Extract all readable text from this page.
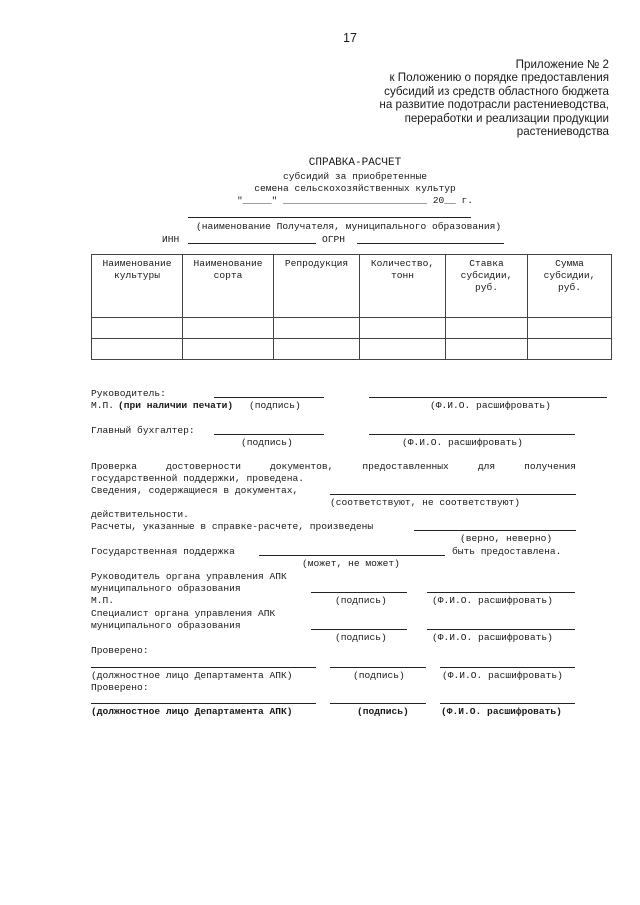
17
Приложение № 2
к Положению о порядке предоставления
субсидий из средств областного бюджета
на развитие подотрасли растениеводства,
переработки и реализации продукции
растениеводства
СПРАВКА-РАСЧЕТ
субсидий за приобретенные
семена сельскохозяйственных культур
"_____" _________________________ 20__ г.
(наименование Получателя, муниципального образования)
ИНН	ОГРН
Наименование культуры	Наименование сорта	Репродукция	Количество, тонн	Ставка субсидии, руб.	Сумма субсидии, руб.

Руководитель:
М.П. (при наличии печати) (подпись)	(Ф.И.О. расшифровать)
Главный бухгалтер:
(подпись)	(Ф.И.О. расшифровать)
Проверка достоверности документов, предоставленных для получения
государственной поддержки, проведена.
Сведения, содержащиеся в документах,
(соответствуют, не соответствуют)
действительности.
Расчеты, указанные в справке-расчете, произведены
(верно, неверно)
Государственная поддержка	быть предоставлена.
(может, не может)
Руководитель органа управления АПК
муниципального образования
М.П.	(подпись)	(Ф.И.О. расшифровать)
Специалист органа управления АПК
муниципального образования
(подпись)	(Ф.И.О. расшифровать)
Проверено:
(должностное лицо Департамента АПК)	(подпись)	(Ф.И.О. расшифровать)
Проверено:
(должностное лицо Департамента АПК)	(подпись)	(Ф.И.О. расшифровать)
